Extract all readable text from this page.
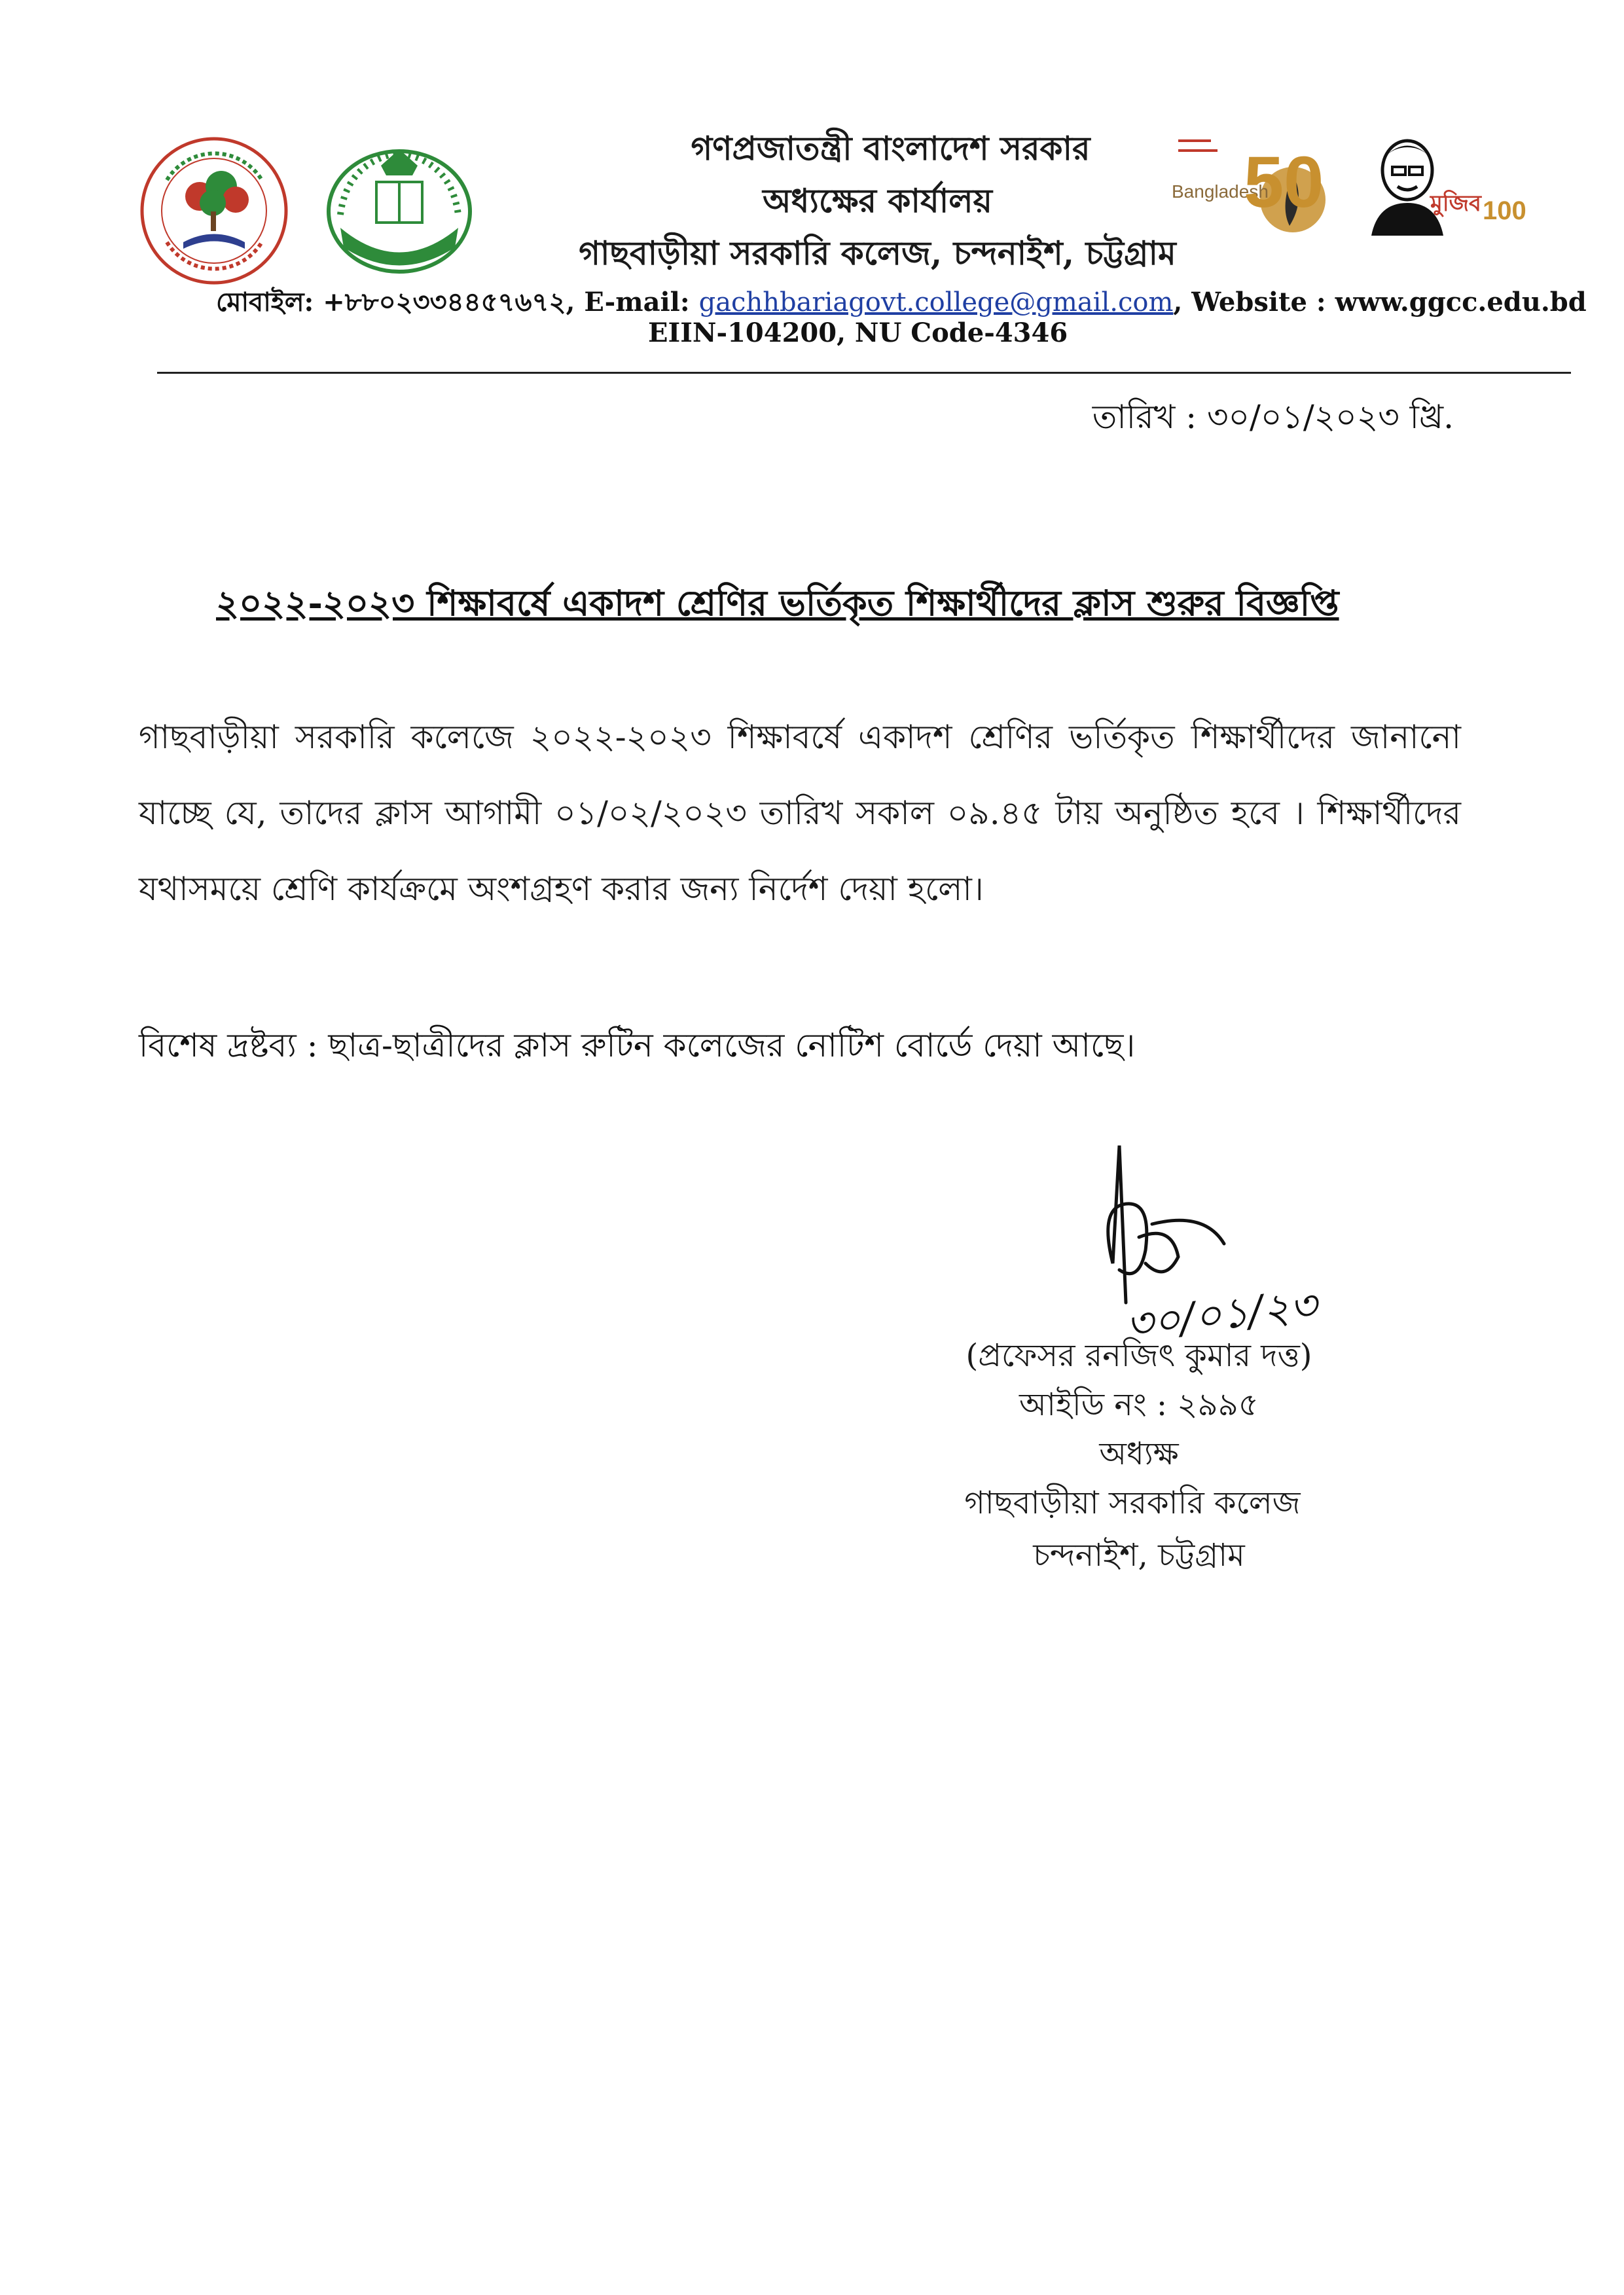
Bangladesh
50	মুজিব 100
গণপ্রজাতন্ত্রী বাংলাদেশ সরকার
অধ্যক্ষের কার্যালয়
গাছবাড়ীয়া সরকারি কলেজ, চন্দনাইশ, চট্টগ্রাম
মোবাইল: +৮৮০২৩৩৪৪৫৭৬৭২, E-mail: gachhbariagovt.college@gmail.com, Website : www.ggcc.edu.bd
EIIN-104200, NU Code-4346
তারিখ : ৩০/০১/২০২৩ খ্রি.
২০২২-২০২৩ শিক্ষাবর্ষে একাদশ শ্রেণির ভর্তিকৃত শিক্ষার্থীদের ক্লাস শুরুর বিজ্ঞপ্তি
গাছবাড়ীয়া সরকারি কলেজে ২০২২-২০২৩ শিক্ষাবর্ষে একাদশ শ্রেণির ভর্তিকৃত শিক্ষার্থীদের জানানো যাচ্ছে যে, তাদের ক্লাস আগামী ০১/০২/২০২৩ তারিখ সকাল ০৯.৪৫ টায় অনুষ্ঠিত হবে । শিক্ষার্থীদের যথাসময়ে শ্রেণি কার্যক্রমে অংশগ্রহণ করার জন্য নির্দেশ দেয়া হলো।
বিশেষ দ্রষ্টব্য : ছাত্র-ছাত্রীদের ক্লাস রুটিন কলেজের নোটিশ বোর্ডে দেয়া আছে।
৩০/০১/২৩
(প্রফেসর রনজিৎ কুমার দত্ত)
আইডি নং : ২৯৯৫
অধ্যক্ষ
গাছবাড়ীয়া সরকারি কলেজ
চন্দনাইশ, চট্টগ্রাম
